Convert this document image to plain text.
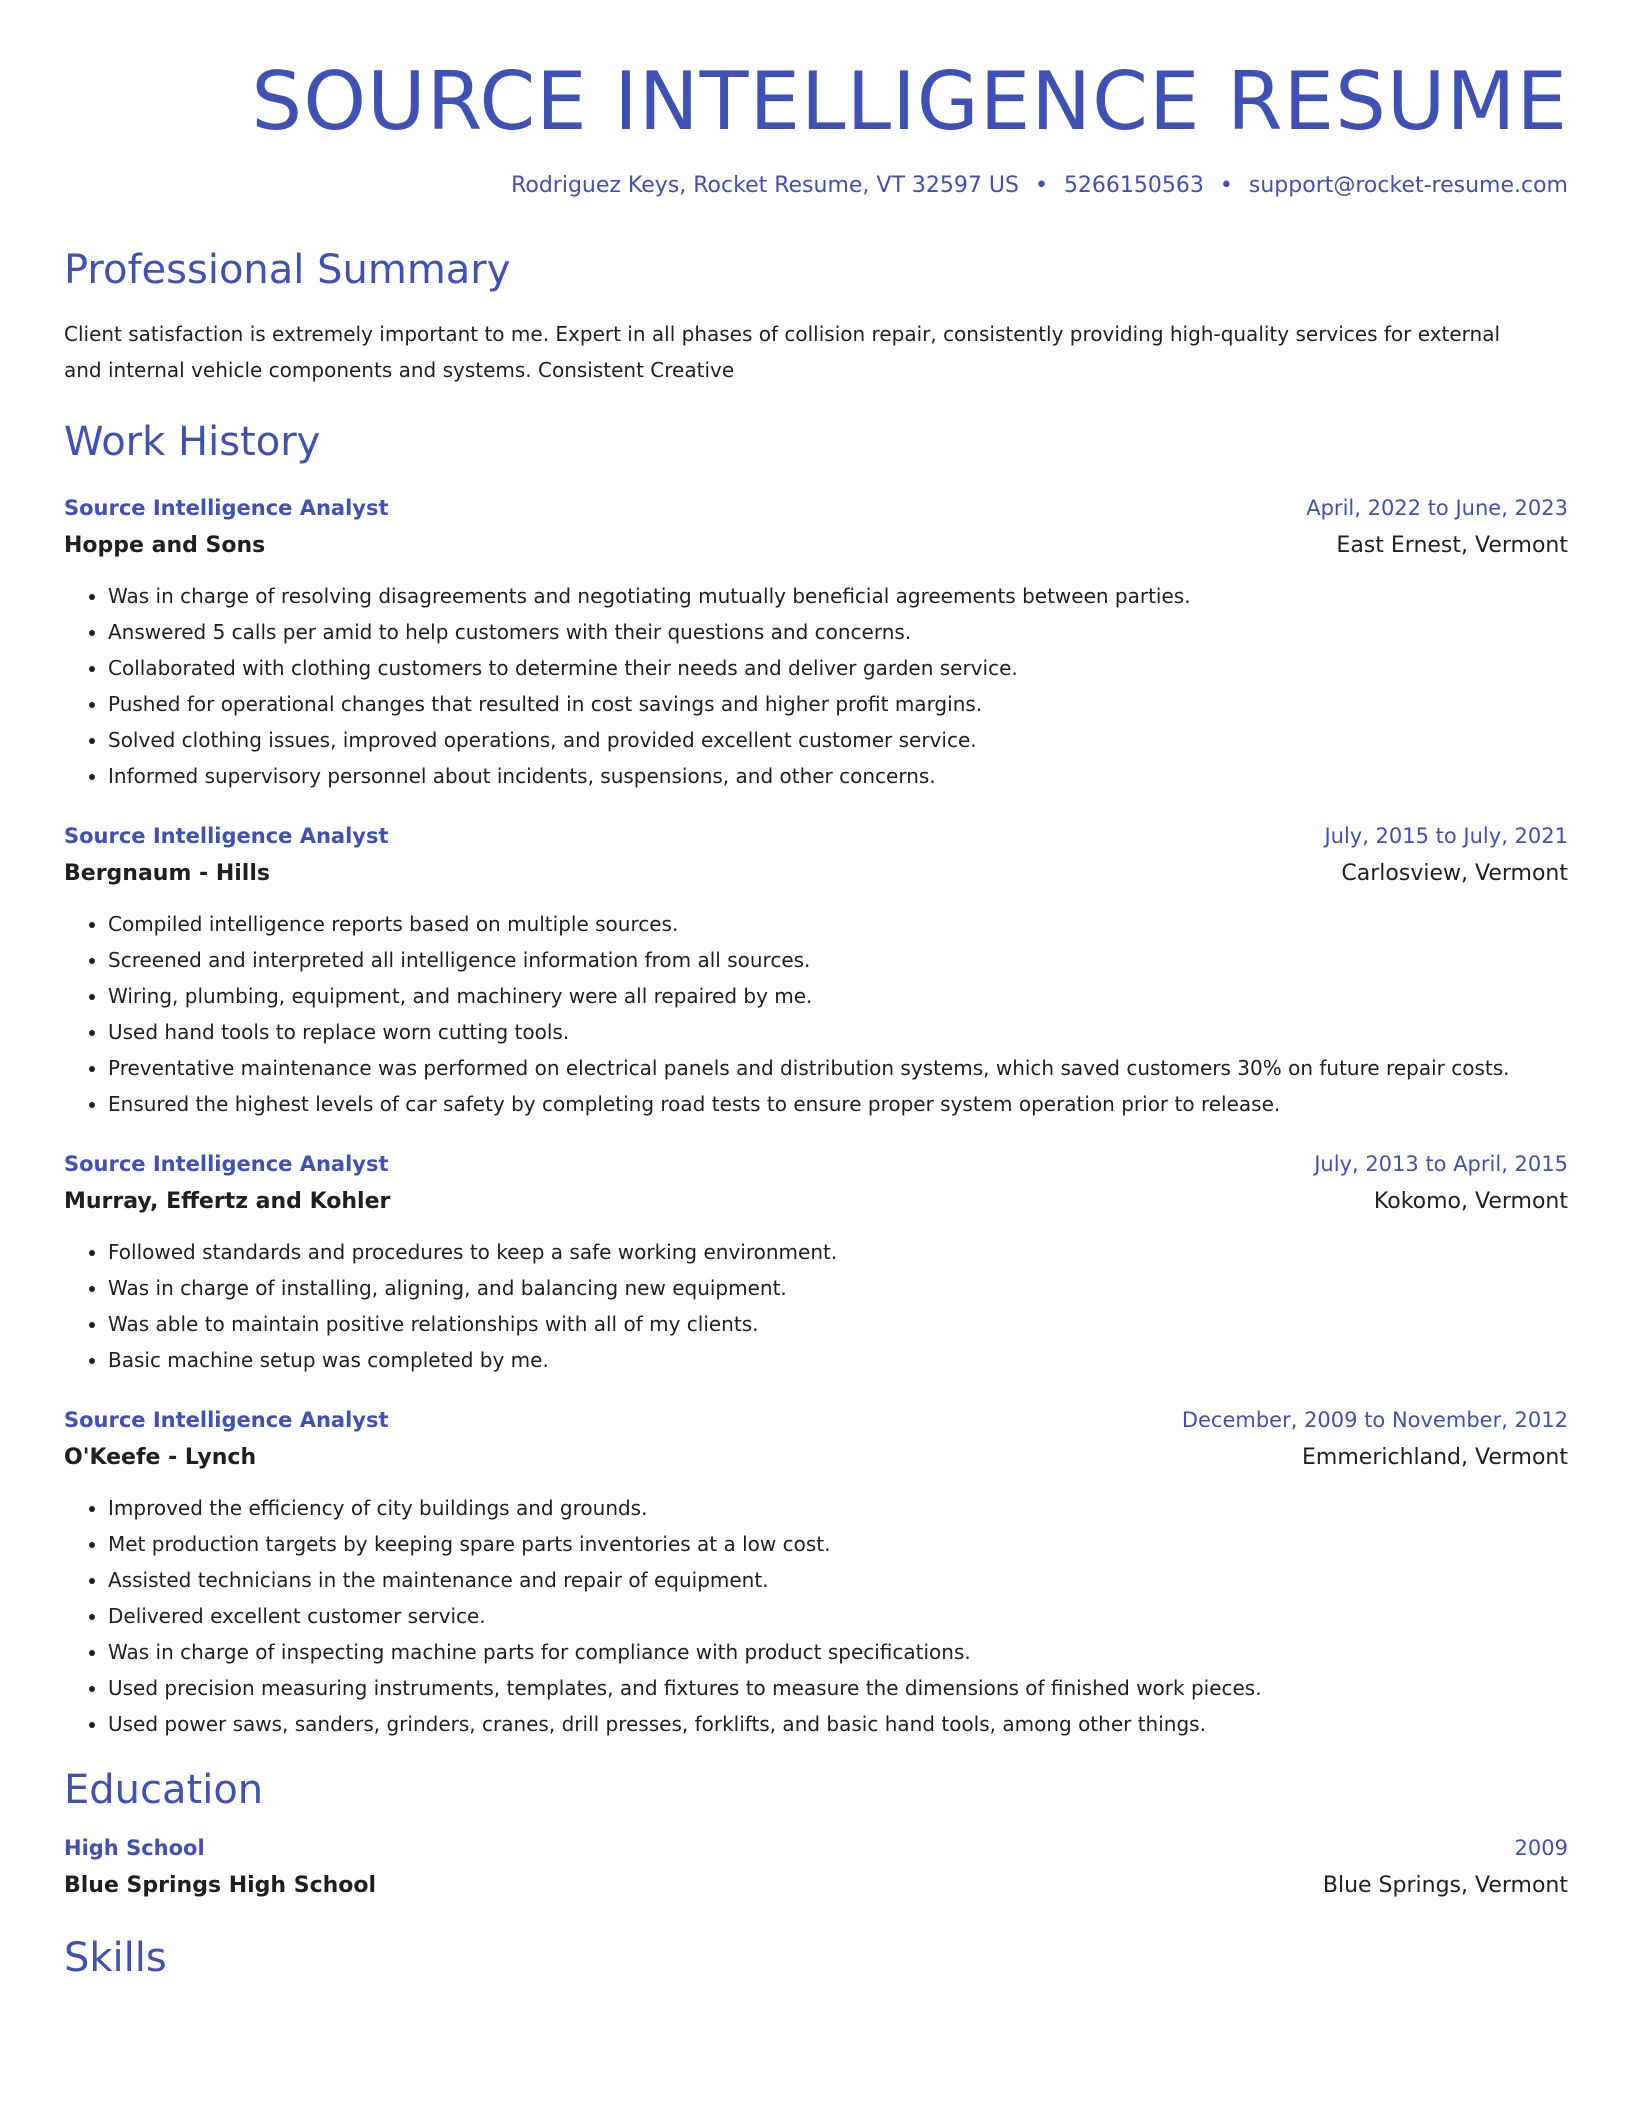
SOURCE INTELLIGENCE RESUME
Rodriguez Keys, Rocket Resume, VT 32597 US • 5266150563 • support@rocket-resume.com
Professional Summary

Client satisfaction is extremely important to me. Expert in all phases of collision repair, consistently providing high-quality services for external and internal vehicle components and systems. Consistent Creative

Work History
Source Intelligence Analyst	April, 2022 to June, 2023
Hoppe and Sons	East Ernest, Vermont
• Was in charge of resolving disagreements and negotiating mutually beneficial agreements between parties.
• Answered 5 calls per amid to help customers with their questions and concerns.
• Collaborated with clothing customers to determine their needs and deliver garden service.
• Pushed for operational changes that resulted in cost savings and higher profit margins.
• Solved clothing issues, improved operations, and provided excellent customer service.
• Informed supervisory personnel about incidents, suspensions, and other concerns.
Source Intelligence Analyst	July, 2015 to July, 2021
Bergnaum - Hills	Carlosview, Vermont
• Compiled intelligence reports based on multiple sources.
• Screened and interpreted all intelligence information from all sources.
• Wiring, plumbing, equipment, and machinery were all repaired by me.
• Used hand tools to replace worn cutting tools.
• Preventative maintenance was performed on electrical panels and distribution systems, which saved customers 30% on future repair costs.
• Ensured the highest levels of car safety by completing road tests to ensure proper system operation prior to release.
Source Intelligence Analyst	July, 2013 to April, 2015
Murray, Effertz and Kohler	Kokomo, Vermont
• Followed standards and procedures to keep a safe working environment.
• Was in charge of installing, aligning, and balancing new equipment.
• Was able to maintain positive relationships with all of my clients.
• Basic machine setup was completed by me.
Source Intelligence Analyst	December, 2009 to November, 2012
O'Keefe - Lynch	Emmerichland, Vermont
• Improved the efficiency of city buildings and grounds.
• Met production targets by keeping spare parts inventories at a low cost.
• Assisted technicians in the maintenance and repair of equipment.
• Delivered excellent customer service.
• Was in charge of inspecting machine parts for compliance with product specifications.
• Used precision measuring instruments, templates, and fixtures to measure the dimensions of finished work pieces.
• Used power saws, sanders, grinders, cranes, drill presses, forklifts, and basic hand tools, among other things.
Education
High School	2009
Blue Springs High School	Blue Springs, Vermont
Skills
